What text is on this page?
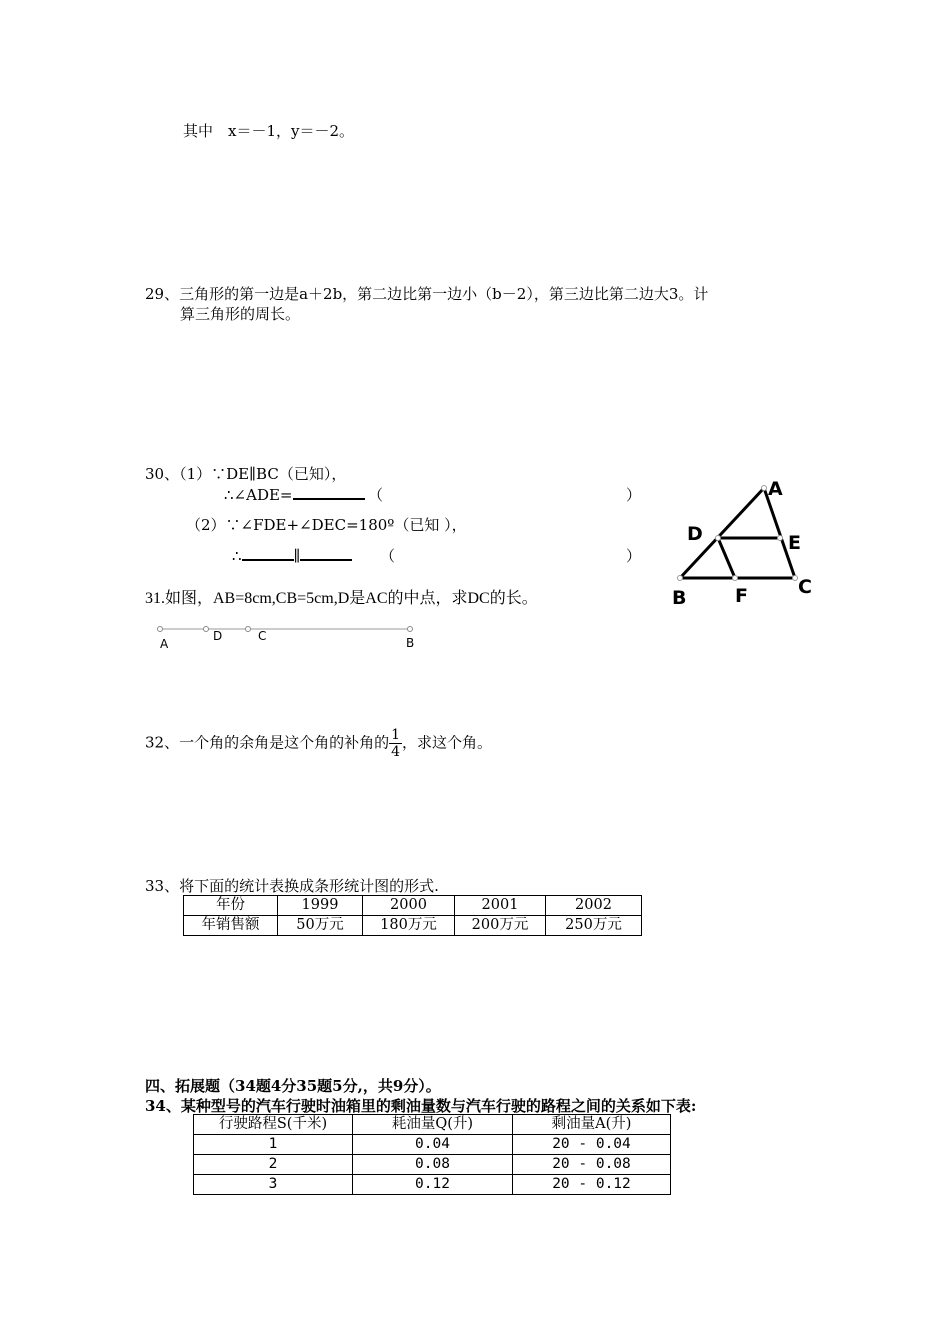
其中　x＝－1，y＝－2。
29、三角形的第一边是a＋2b，第二边比第一边小（b－2），第三边比第二边大3。计
算三角形的周长。
30、（1）∵DE∥BC（已知），
∴∠ADE=	（	）
（2）∵∠FDE+∠DEC=180º（已知 ），
∴	∥	（	）
A
D	E
B	F	C
31.如图，AB=8cm,CB=5cm,D是AC的中点，求DC的长。
A
D	C	B
32、一个角的余角是这个角的补角的 $\frac{1}{4}$ ，求这个角。
33、将下面的统计表换成条形统计图的形式.
年份	1999	2000	2001	2002
年销售额	50万元	180万元	200万元	250万元
四、拓展题（34题4分35题5分,，共9分）。
34、某种型号的汽车行驶时油箱里的剩油量数与汽车行驶的路程之间的关系如下表:
行驶路程S(千米)	耗油量Q(升)	剩油量A(升)
1	0.04	20 - 0.04
2	0.08	20 - 0.08
3	0.12	20 - 0.12
